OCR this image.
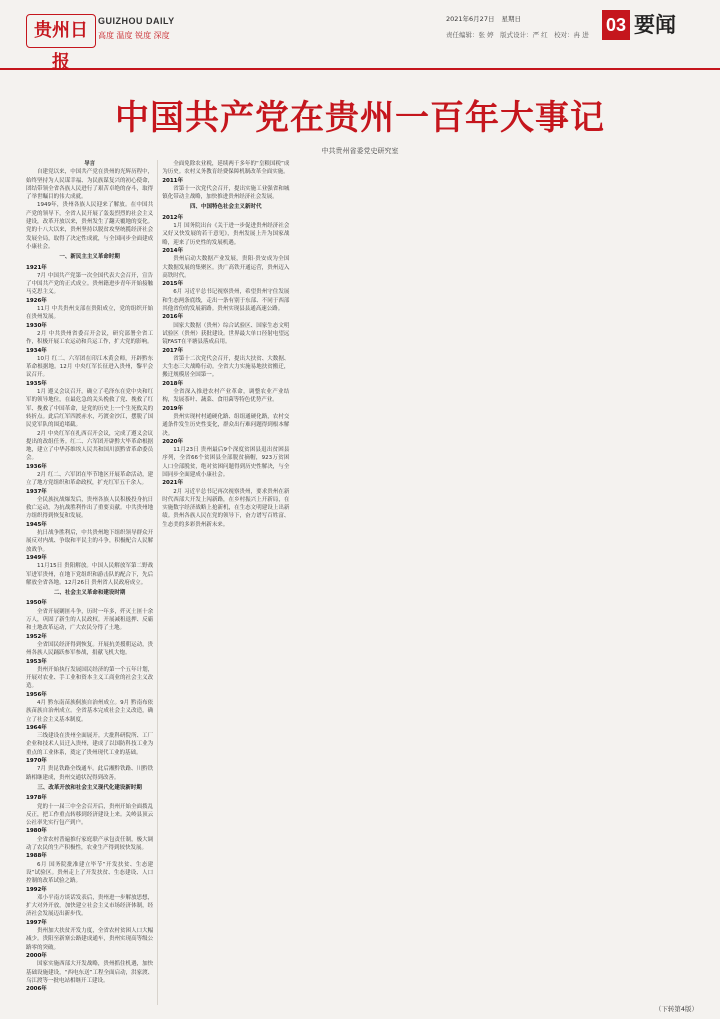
贵州日报
GUIZHOU DAILY
高度 温度 锐度 深度
2021年6月27日 星期日
责任编辑：张 婷　版式设计：严 红　校对：冉 进 03 要闻
中国共产党在贵州一百年大事记
中共贵州省委党史研究室

导言

自建党以来，中国共产党在贵州的光辉历程中，始终坚持为人民谋幸福、为民族谋复兴的初心使命，团结带领全省各族人民进行了艰苦卓绝的奋斗，取得了举世瞩目的伟大成就。

1949年，贵州各族人民迎来了解放。在中国共产党的领导下，全省人民开展了轰轰烈烈的社会主义建设，改革开放以来，贵州发生了翻天覆地的变化。党的十八大以来，贵州坚持以脱贫攻坚统揽经济社会发展全局，取得了决定性成就，与全国同步全面建成小康社会。

一、新民主主义革命时期

1921年

7月 中国共产党第一次全国代表大会召开，宣告了中国共产党的正式成立。贵州籍进步青年开始接触马克思主义。

1926年

11月 中共贵州支部在贵阳成立，党的组织开始在贵州发展。

1930年

2月 中共贵州省委召开会议，研究部署全省工作，积极开展工农运动和兵运工作，扩大党的影响。

1934年

10月 红二、六军团在印江木黄会师，开辟黔东革命根据地。12月 中央红军长征进入贵州，黎平会议召开。

1935年

1月 遵义会议召开，确立了毛泽东在党中央和红军的领导地位，在最危急的关头挽救了党、挽救了红军、挽救了中国革命，是党的历史上一个生死攸关的转折点。此后红军四渡赤水，巧渡金沙江，摆脱了国民党军队的围追堵截。

2月 中央红军在扎西召开会议，完成了遵义会议提出的改组任务。红二、六军团开辟黔大毕革命根据地，建立了中华苏维埃人民共和国川滇黔省革命委员会。

1936年

2月 红二、六军团在毕节地区开展革命活动，建立了地方党组织和革命政权，扩充红军五千余人。

1937年

全民族抗战爆发后，贵州各族人民积极投身抗日救亡运动，为抗战胜利作出了重要贡献。中共贵州地方组织得到恢复和发展。

1945年

抗日战争胜利后，中共贵州地下组织领导群众开展反对内战、争取和平民主的斗争，积极配合人民解放战争。

1949年

11月15日 贵阳解放。中国人民解放军第二野战军进军贵州，在地下党组织和游击队的配合下，先后解放全省各地。12月26日 贵州省人民政府成立。

二、社会主义革命和建设时期

1950年

全省开展剿匪斗争，历时一年多，歼灭土匪十余万人，巩固了新生的人民政权。开展减租退押、反霸和土地改革运动，广大农民分得了土地。

1952年

全省国民经济得到恢复。开展抗美援朝运动，贵州各族人民踊跃参军参战，捐献飞机大炮。

1953年

贵州开始执行发展国民经济的第一个五年计划，开展对农业、手工业和资本主义工商业的社会主义改造。

1956年

4月 黔东南苗族侗族自治州成立。9月 黔南布依族苗族自治州成立。全省基本完成社会主义改造，确立了社会主义基本制度。

1964年

三线建设在贵州全面展开。大批科研院所、工厂企业和技术人员迁入贵州，建成了以国防科技工业为重点的工业体系，奠定了贵州现代工业的基础。

1970年

7月 贵昆铁路全线通车。此后湘黔铁路、川黔铁路相继建成，贵州交通状况得到改善。

三、改革开放和社会主义现代化建设新时期

1978年

党的十一届三中全会召开后，贵州开始全面拨乱反正，把工作重点转移到经济建设上来。关岭县顶云公社率先实行包产到户。

1980年

全省农村普遍推行家庭联产承包责任制，极大调动了农民的生产积极性，农业生产得到较快发展。

1988年

6月 国务院批准建立毕节“开发扶贫、生态建设”试验区。贵州走上了开发扶贫、生态建设、人口控制的改革试验之路。

1992年

邓小平南方谈话发表后，贵州进一步解放思想，扩大对外开放，加快建立社会主义市场经济体制，经济社会发展迈出新步伐。

1997年

贵州加大扶贫开发力度，全省农村贫困人口大幅减少。贵阳至新寨公路建成通车，贵州实现高等级公路零的突破。

2000年

国家实施西部大开发战略，贵州抓住机遇，加快基础设施建设，“西电东送”工程全面启动，洪家渡、乌江渡等一批电站相继开工建设。

2006年

全面免除农业税，延续两千多年的“皇粮国税”成为历史。农村义务教育经费保障机制改革全面实施。

2011年

省第十一次党代会召开，提出实施工业强省和城镇化带动主战略，加快推进贵州经济社会发展。

四、中国特色社会主义新时代

2012年

1月 国务院出台《关于进一步促进贵州经济社会又好又快发展的若干意见》，贵州发展上升为国家战略，迎来了历史性的发展机遇。

2014年

贵州启动大数据产业发展，贵阳·贵安成为全国大数据发展的集聚区。贵广高铁开通运营，贵州迈入高铁时代。

2015年

6月 习近平总书记视察贵州，希望贵州守住发展和生态两条底线，走出一条有别于东部、不同于西部其他省份的发展新路。贵州实现县县通高速公路。

2016年

国家大数据（贵州）综合试验区、国家生态文明试验区（贵州）获批建设。世界最大单口径射电望远镜FAST在平塘县落成启用。

2017年

省第十二次党代会召开，提出大扶贫、大数据、大生态三大战略行动。全省大力实施易地扶贫搬迁，搬迁规模居全国第一。

2018年

全省深入推进农村产业革命，调整农业产业结构，发展茶叶、蔬菜、食用菌等特色优势产业。

2019年

贵州实现村村通硬化路、组组通硬化路，农村交通条件发生历史性变化，群众出行难问题得到根本解决。

2020年

11月23日 贵州最后9个深度贫困县退出贫困县序列，全省66个贫困县全部脱贫摘帽，923万贫困人口全部脱贫，绝对贫困问题得到历史性解决，与全国同步全面建成小康社会。

2021年

2月 习近平总书记再次视察贵州，要求贵州在新时代西部大开发上闯新路，在乡村振兴上开新局，在实施数字经济战略上抢新机，在生态文明建设上出新绩。贵州各族人民在党的领导下，奋力谱写百姓富、生态美的多彩贵州新未来。

（下转第4版）
